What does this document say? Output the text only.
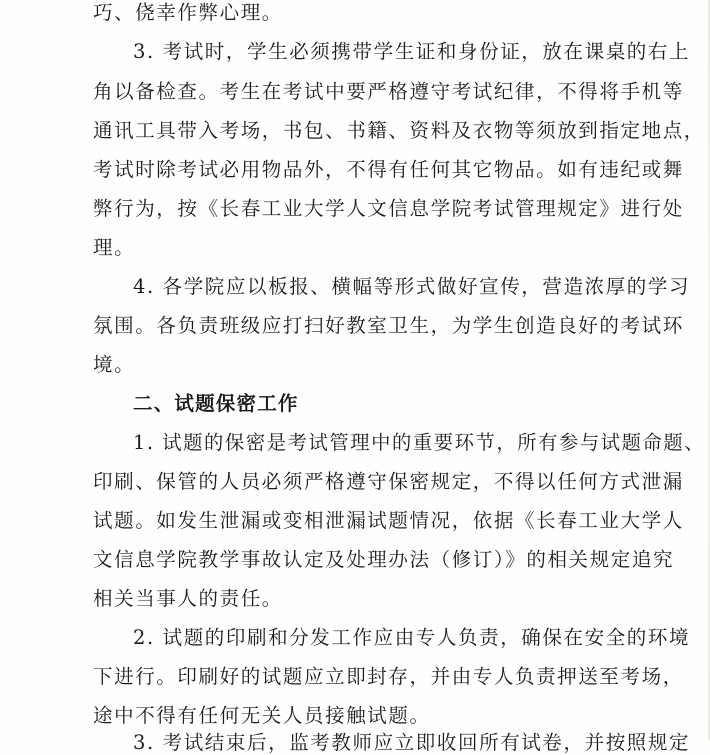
巧、侥幸作弊心理。
3. 考试时，学生必须携带学生证和身份证，放在课桌的右上
角以备检查。考生在考试中要严格遵守考试纪律，不得将手机等
通讯工具带入考场，书包、书籍、资料及衣物等须放到指定地点，
考试时除考试必用物品外，不得有任何其它物品。如有违纪或舞
弊行为，按《长春工业大学人文信息学院考试管理规定》进行处
理。
4. 各学院应以板报、横幅等形式做好宣传，营造浓厚的学习
氛围。各负责班级应打扫好教室卫生，为学生创造良好的考试环
境。
二、试题保密工作
1. 试题的保密是考试管理中的重要环节，所有参与试题命题、
印刷、保管的人员必须严格遵守保密规定，不得以任何方式泄漏
试题。如发生泄漏或变相泄漏试题情况，依据《长春工业大学人
文信息学院教学事故认定及处理办法（修订）》的相关规定追究
相关当事人的责任。
2. 试题的印刷和分发工作应由专人负责，确保在安全的环境
下进行。印刷好的试题应立即封存，并由专人负责押送至考场，
途中不得有任何无关人员接触试题。
3. 考试结束后，监考教师应立即收回所有试卷，并按照规定
